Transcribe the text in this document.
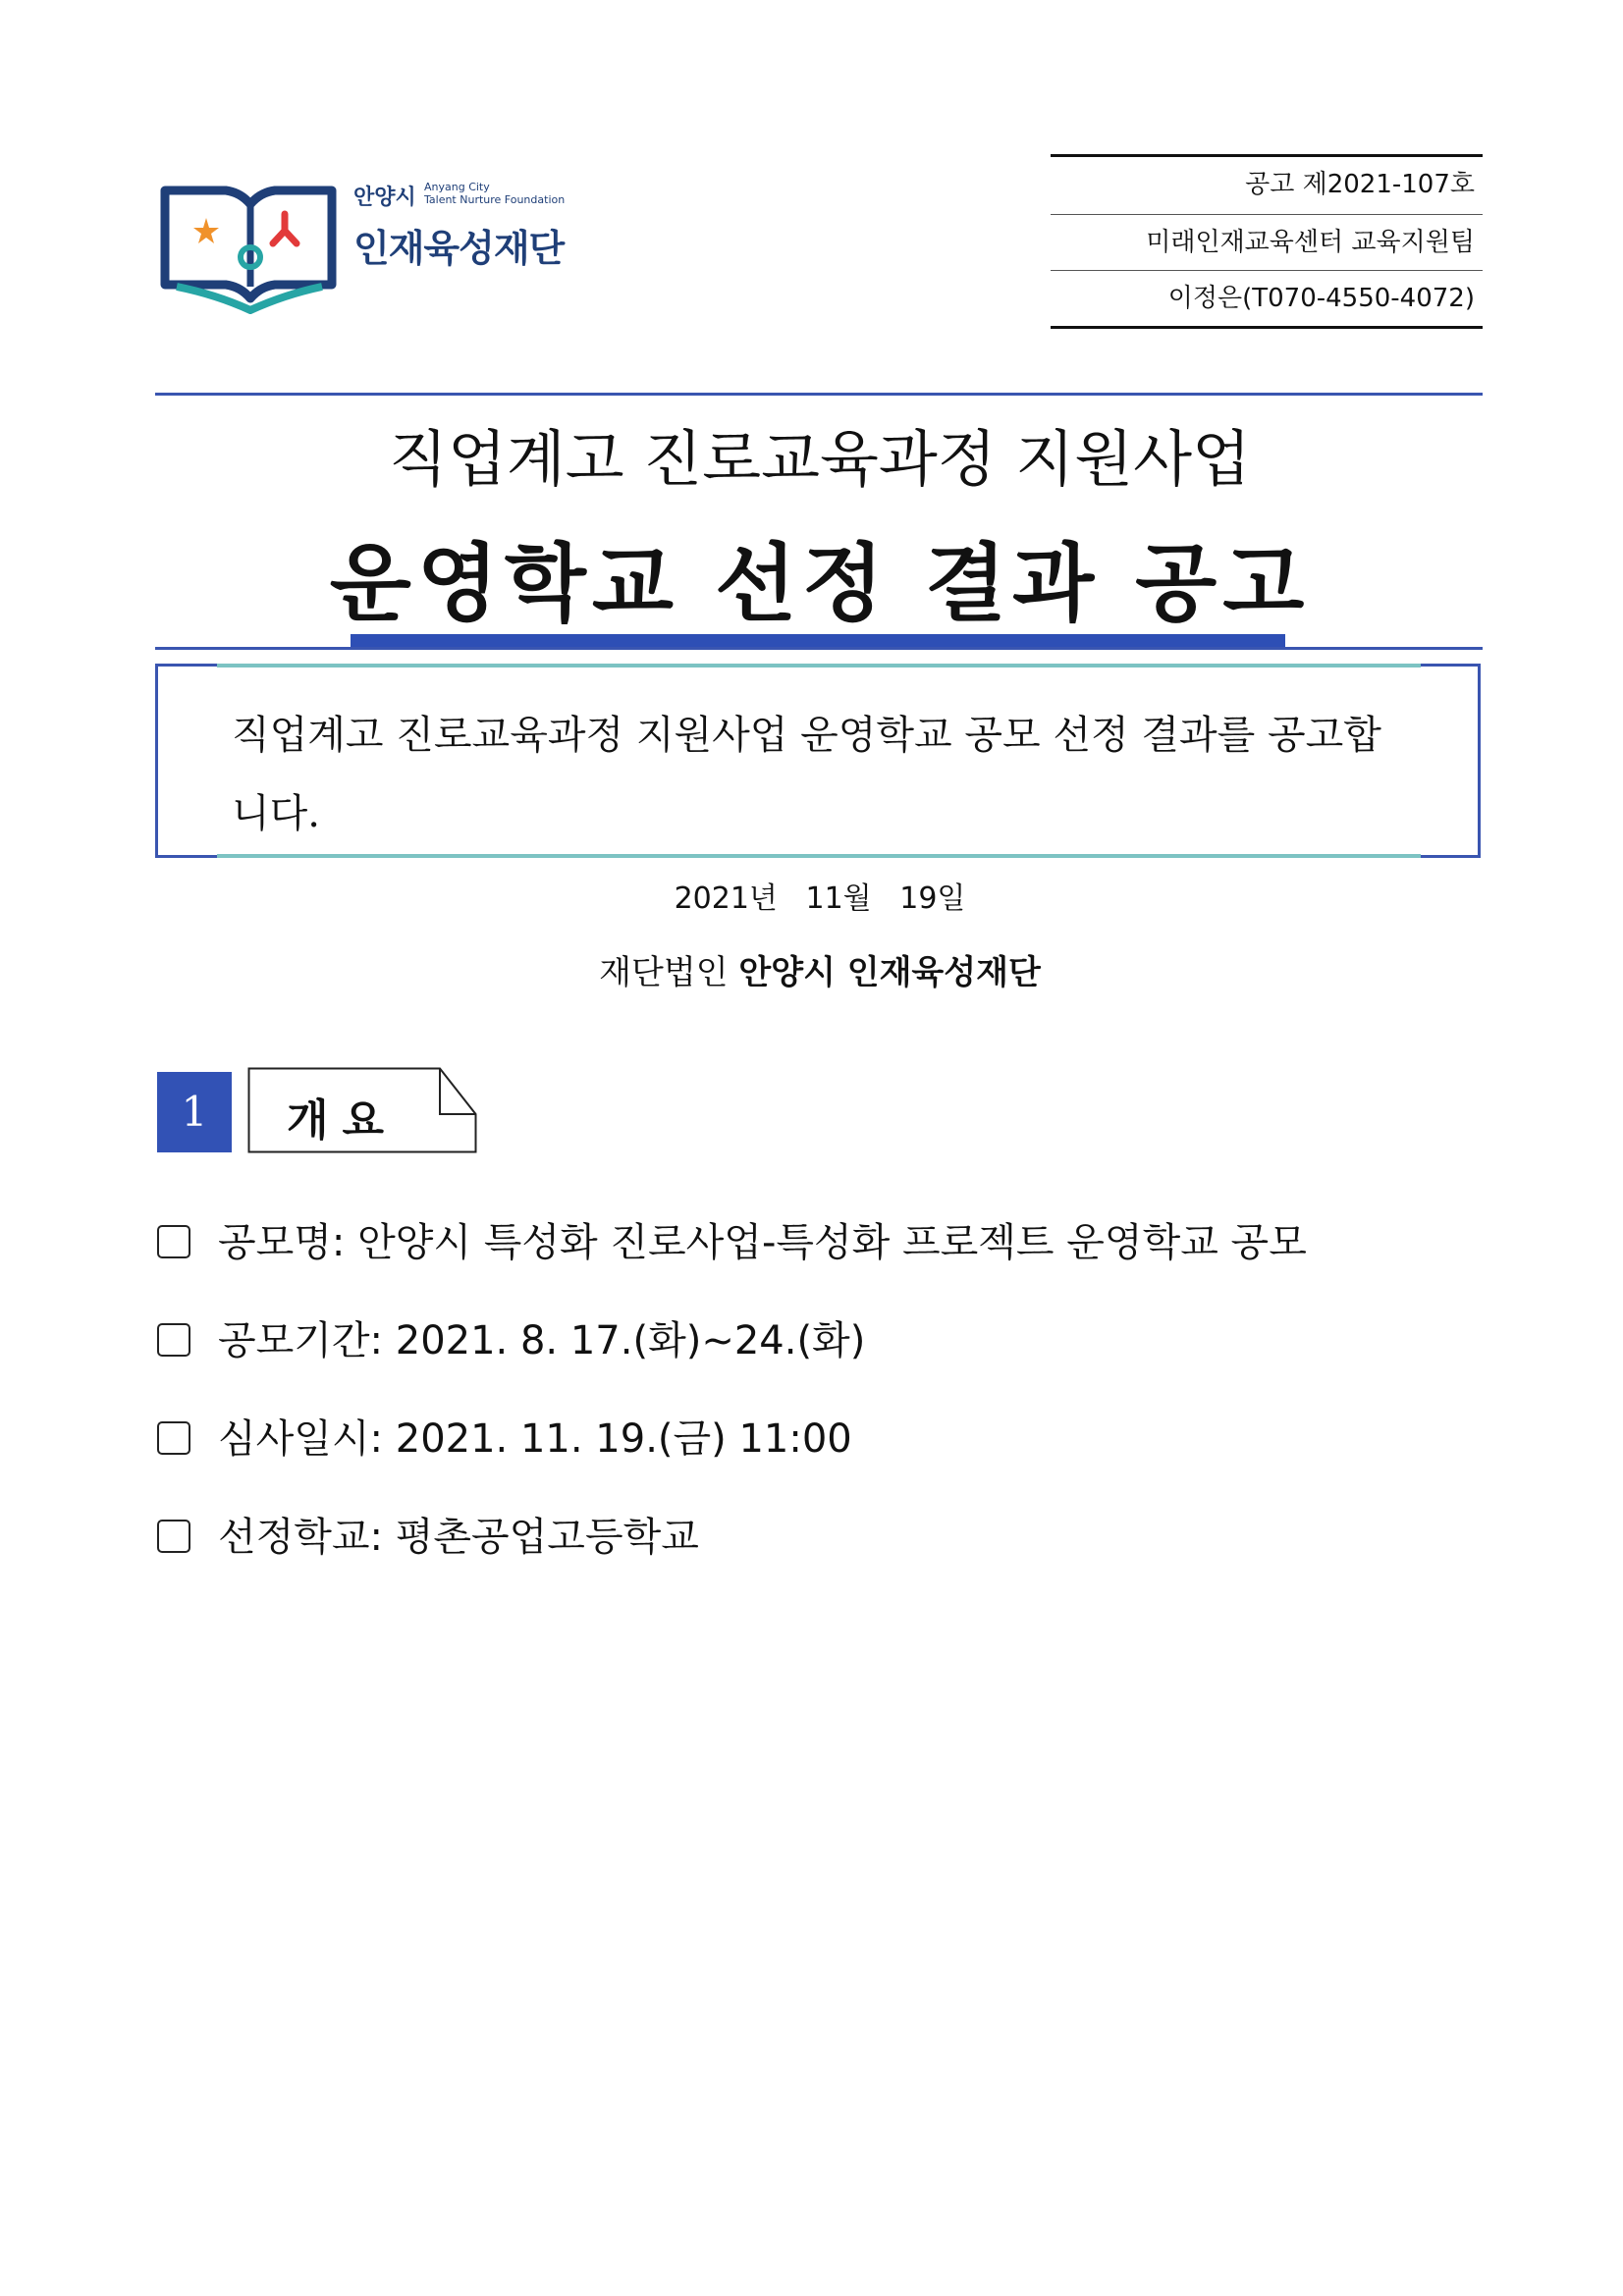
안양시 Anyang City
Talent Nurture Foundation
인재육성재단
공고 제2021-107호
미래인재교육센터 교육지원팀
이정은(T070-4550-4072)
직업계고 진로교육과정 지원사업
운영학교 선정 결과 공고
직업계고 진로교육과정 지원사업 운영학교 공모 선정 결과를 공고합니다.
2021년   11월   19일
재단법인 안양시 인재육성재단
1	개요
공모명: 안양시 특성화 진로사업-특성화 프로젝트 운영학교 공모
공모기간: 2021. 8. 17.(화)~24.(화)
심사일시: 2021. 11. 19.(금) 11:00
선정학교: 평촌공업고등학교
